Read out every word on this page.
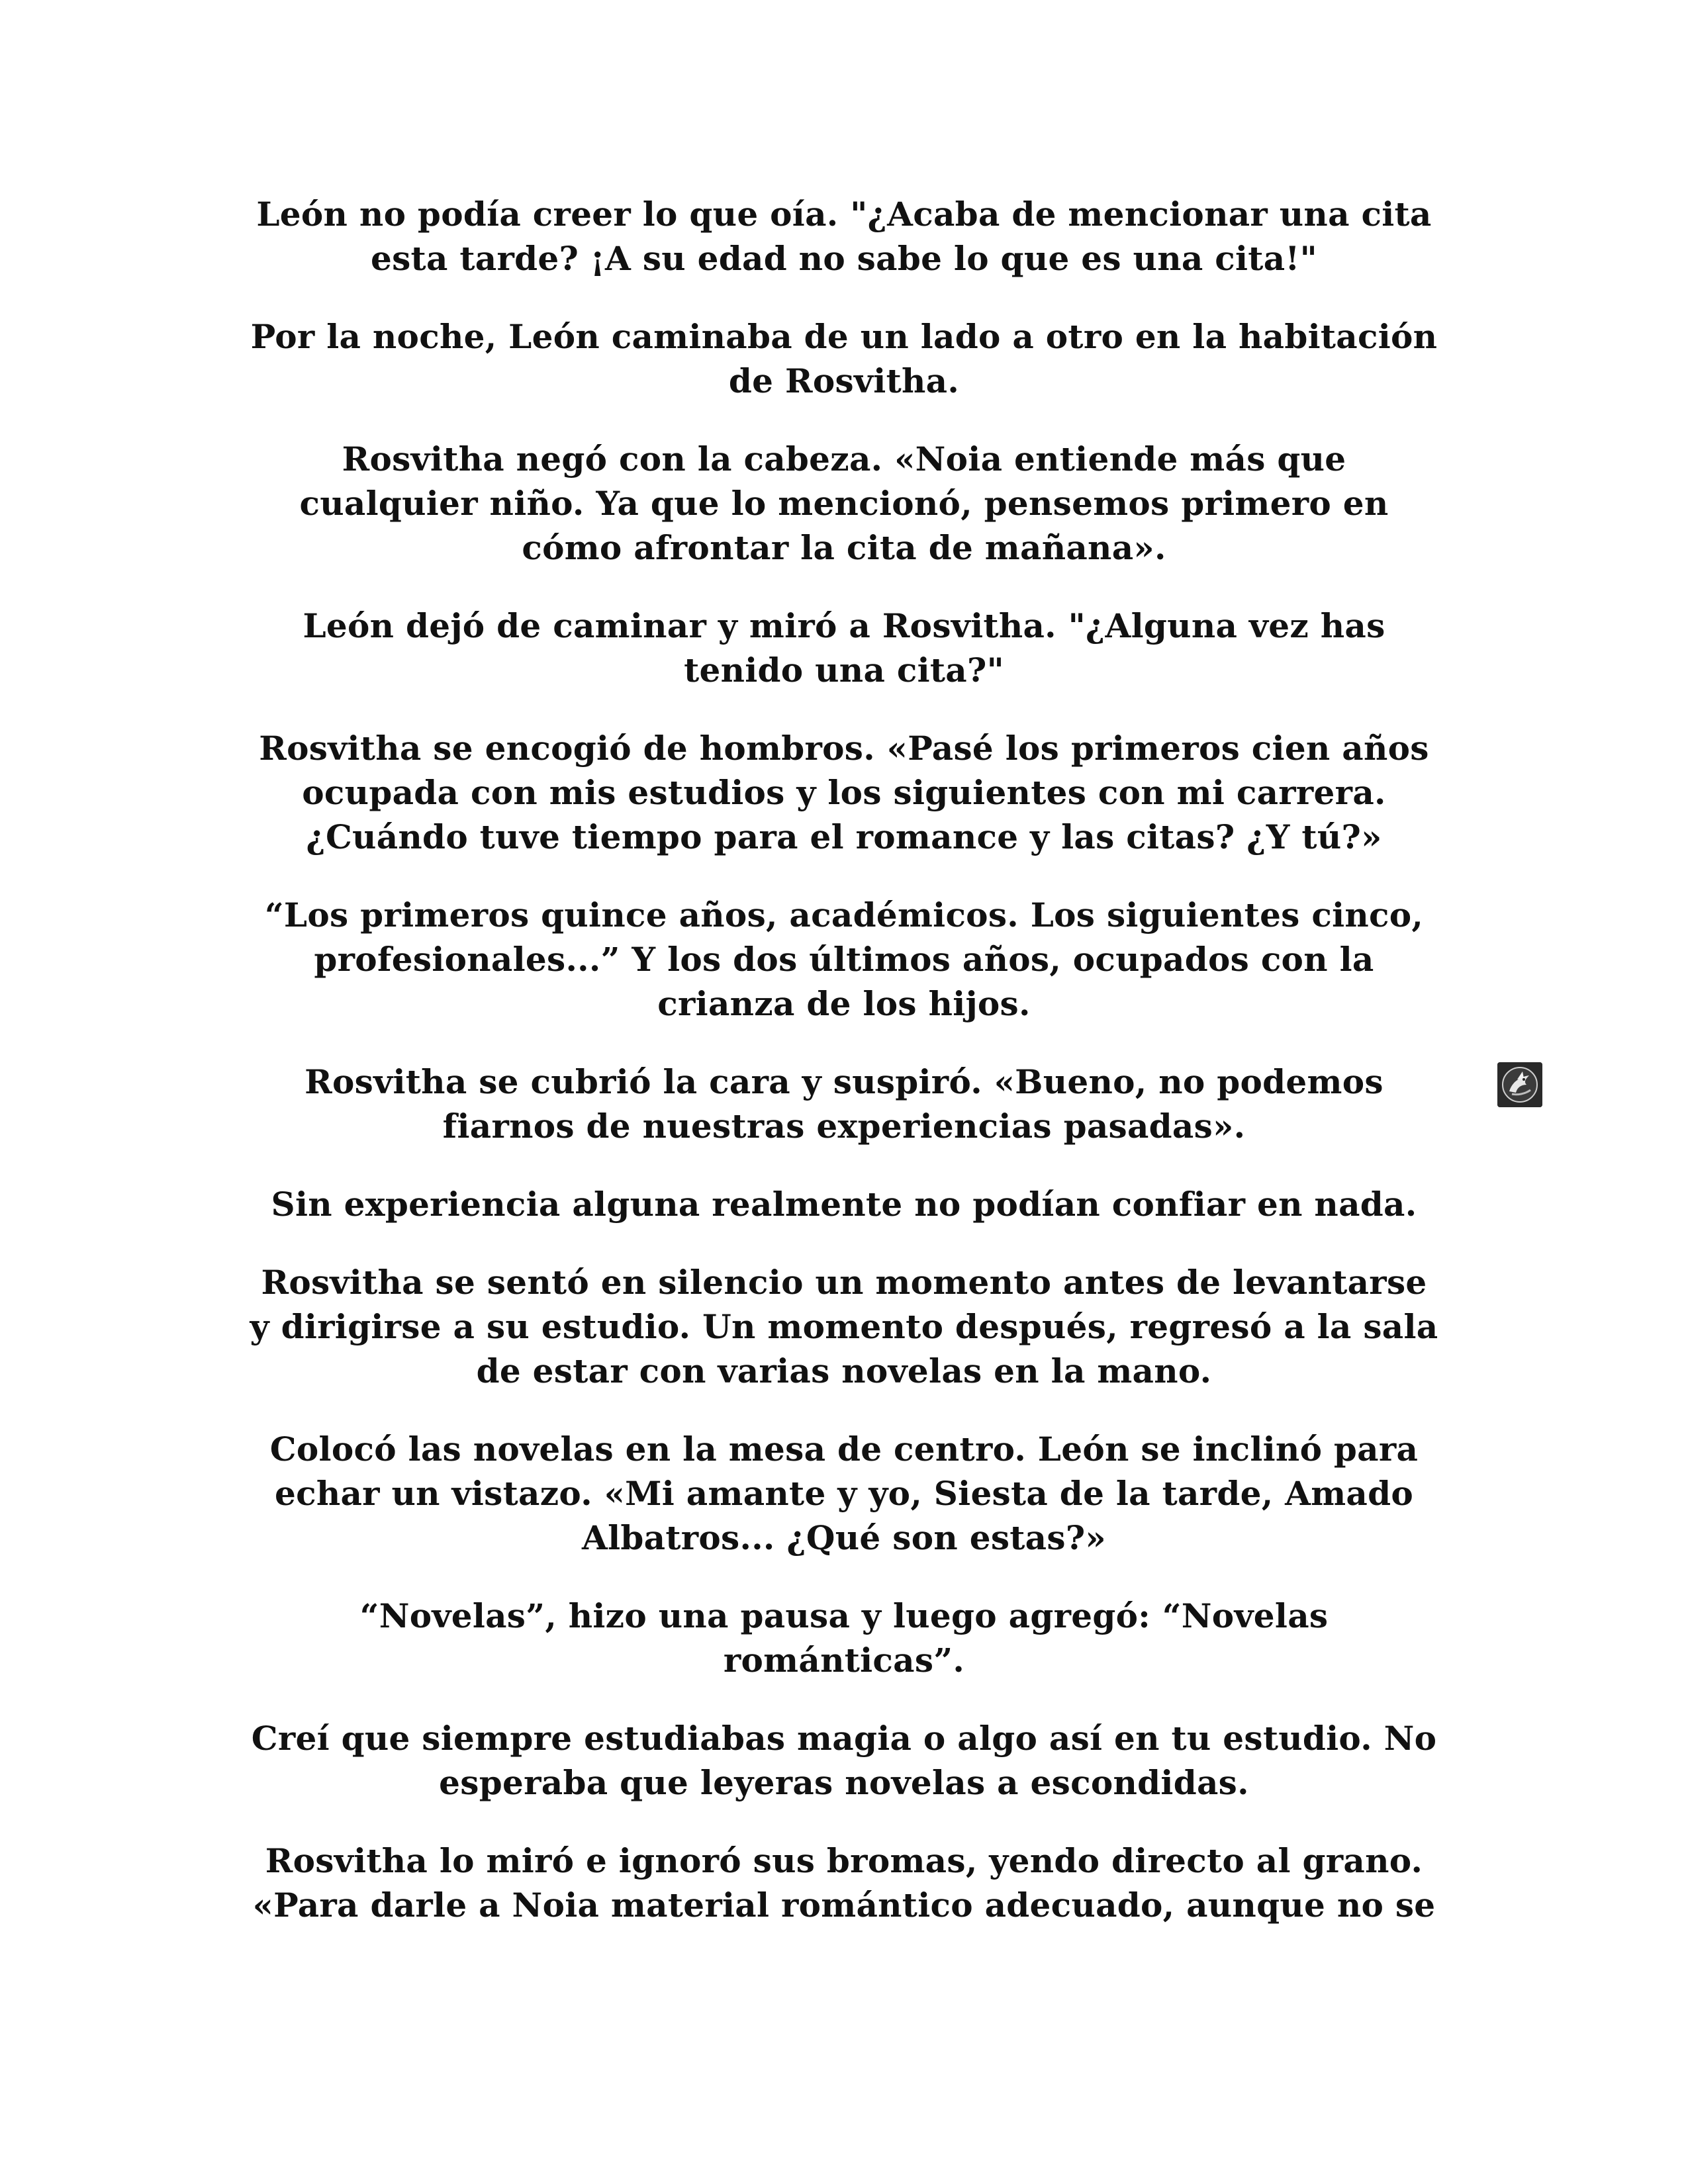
León no podía creer lo que oía. "¿Acaba de mencionar una cita
esta tarde? ¡A su edad no sabe lo que es una cita!"

Por la noche, León caminaba de un lado a otro en la habitación
de Rosvitha.

Rosvitha negó con la cabeza. «Noia entiende más que
cualquier niño. Ya que lo mencionó, pensemos primero en
cómo afrontar la cita de mañana».

León dejó de caminar y miró a Rosvitha. "¿Alguna vez has
tenido una cita?"

Rosvitha se encogió de hombros. «Pasé los primeros cien años
ocupada con mis estudios y los siguientes con mi carrera.
¿Cuándo tuve tiempo para el romance y las citas? ¿Y tú?»

“Los primeros quince años, académicos. Los siguientes cinco,
profesionales...” Y los dos últimos años, ocupados con la
crianza de los hijos.

Rosvitha se cubrió la cara y suspiró. «Bueno, no podemos
fiarnos de nuestras experiencias pasadas».

Sin experiencia alguna realmente no podían confiar en nada.

Rosvitha se sentó en silencio un momento antes de levantarse
y dirigirse a su estudio. Un momento después, regresó a la sala
de estar con varias novelas en la mano.

Colocó las novelas en la mesa de centro. León se inclinó para
echar un vistazo. «Mi amante y yo, Siesta de la tarde, Amado
Albatros... ¿Qué son estas?»

“Novelas”, hizo una pausa y luego agregó: “Novelas
románticas”.

Creí que siempre estudiabas magia o algo así en tu estudio. No
esperaba que leyeras novelas a escondidas.

Rosvitha lo miró e ignoró sus bromas, yendo directo al grano.
«Para darle a Noia material romántico adecuado, aunque no se
